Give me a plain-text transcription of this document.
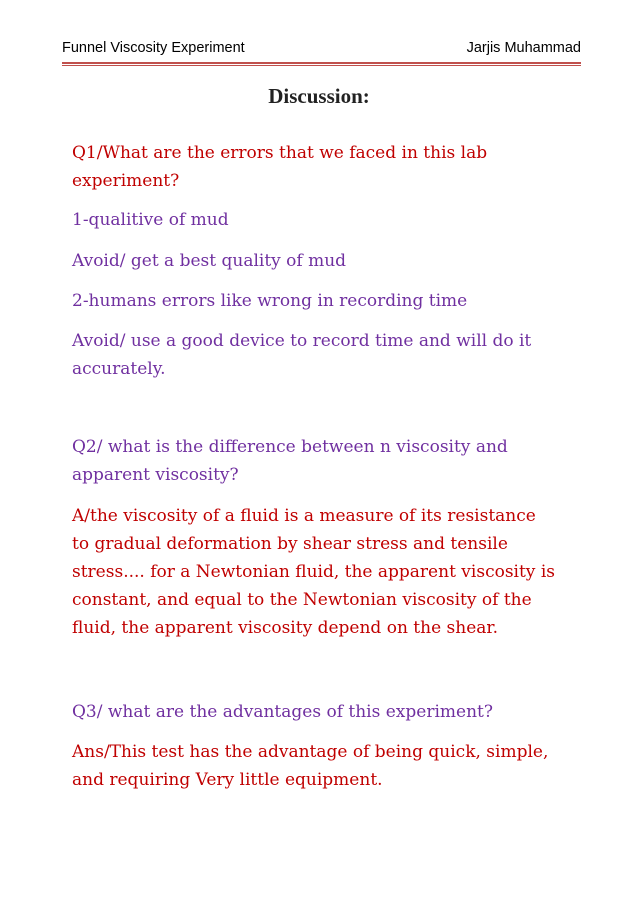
Funnel Viscosity Experiment	Jarjis Muhammad
Discussion:
Q1/What are the errors that we faced in this lab
experiment?
1-qualitive of mud
Avoid/ get a best quality of mud
2-humans errors like wrong in recording time
Avoid/ use a good device to record time and will do it
accurately.
Q2/ what is the difference between n viscosity and
apparent viscosity?
A/the viscosity of a fluid is a measure of its resistance
to gradual deformation by shear stress and tensile
stress.... for a Newtonian fluid, the apparent viscosity is
constant, and equal to the Newtonian viscosity of the
fluid, the apparent viscosity depend on the shear.
Q3/ what are the advantages of this experiment?
Ans/This test has the advantage of being quick, simple,
and requiring Very little equipment.
